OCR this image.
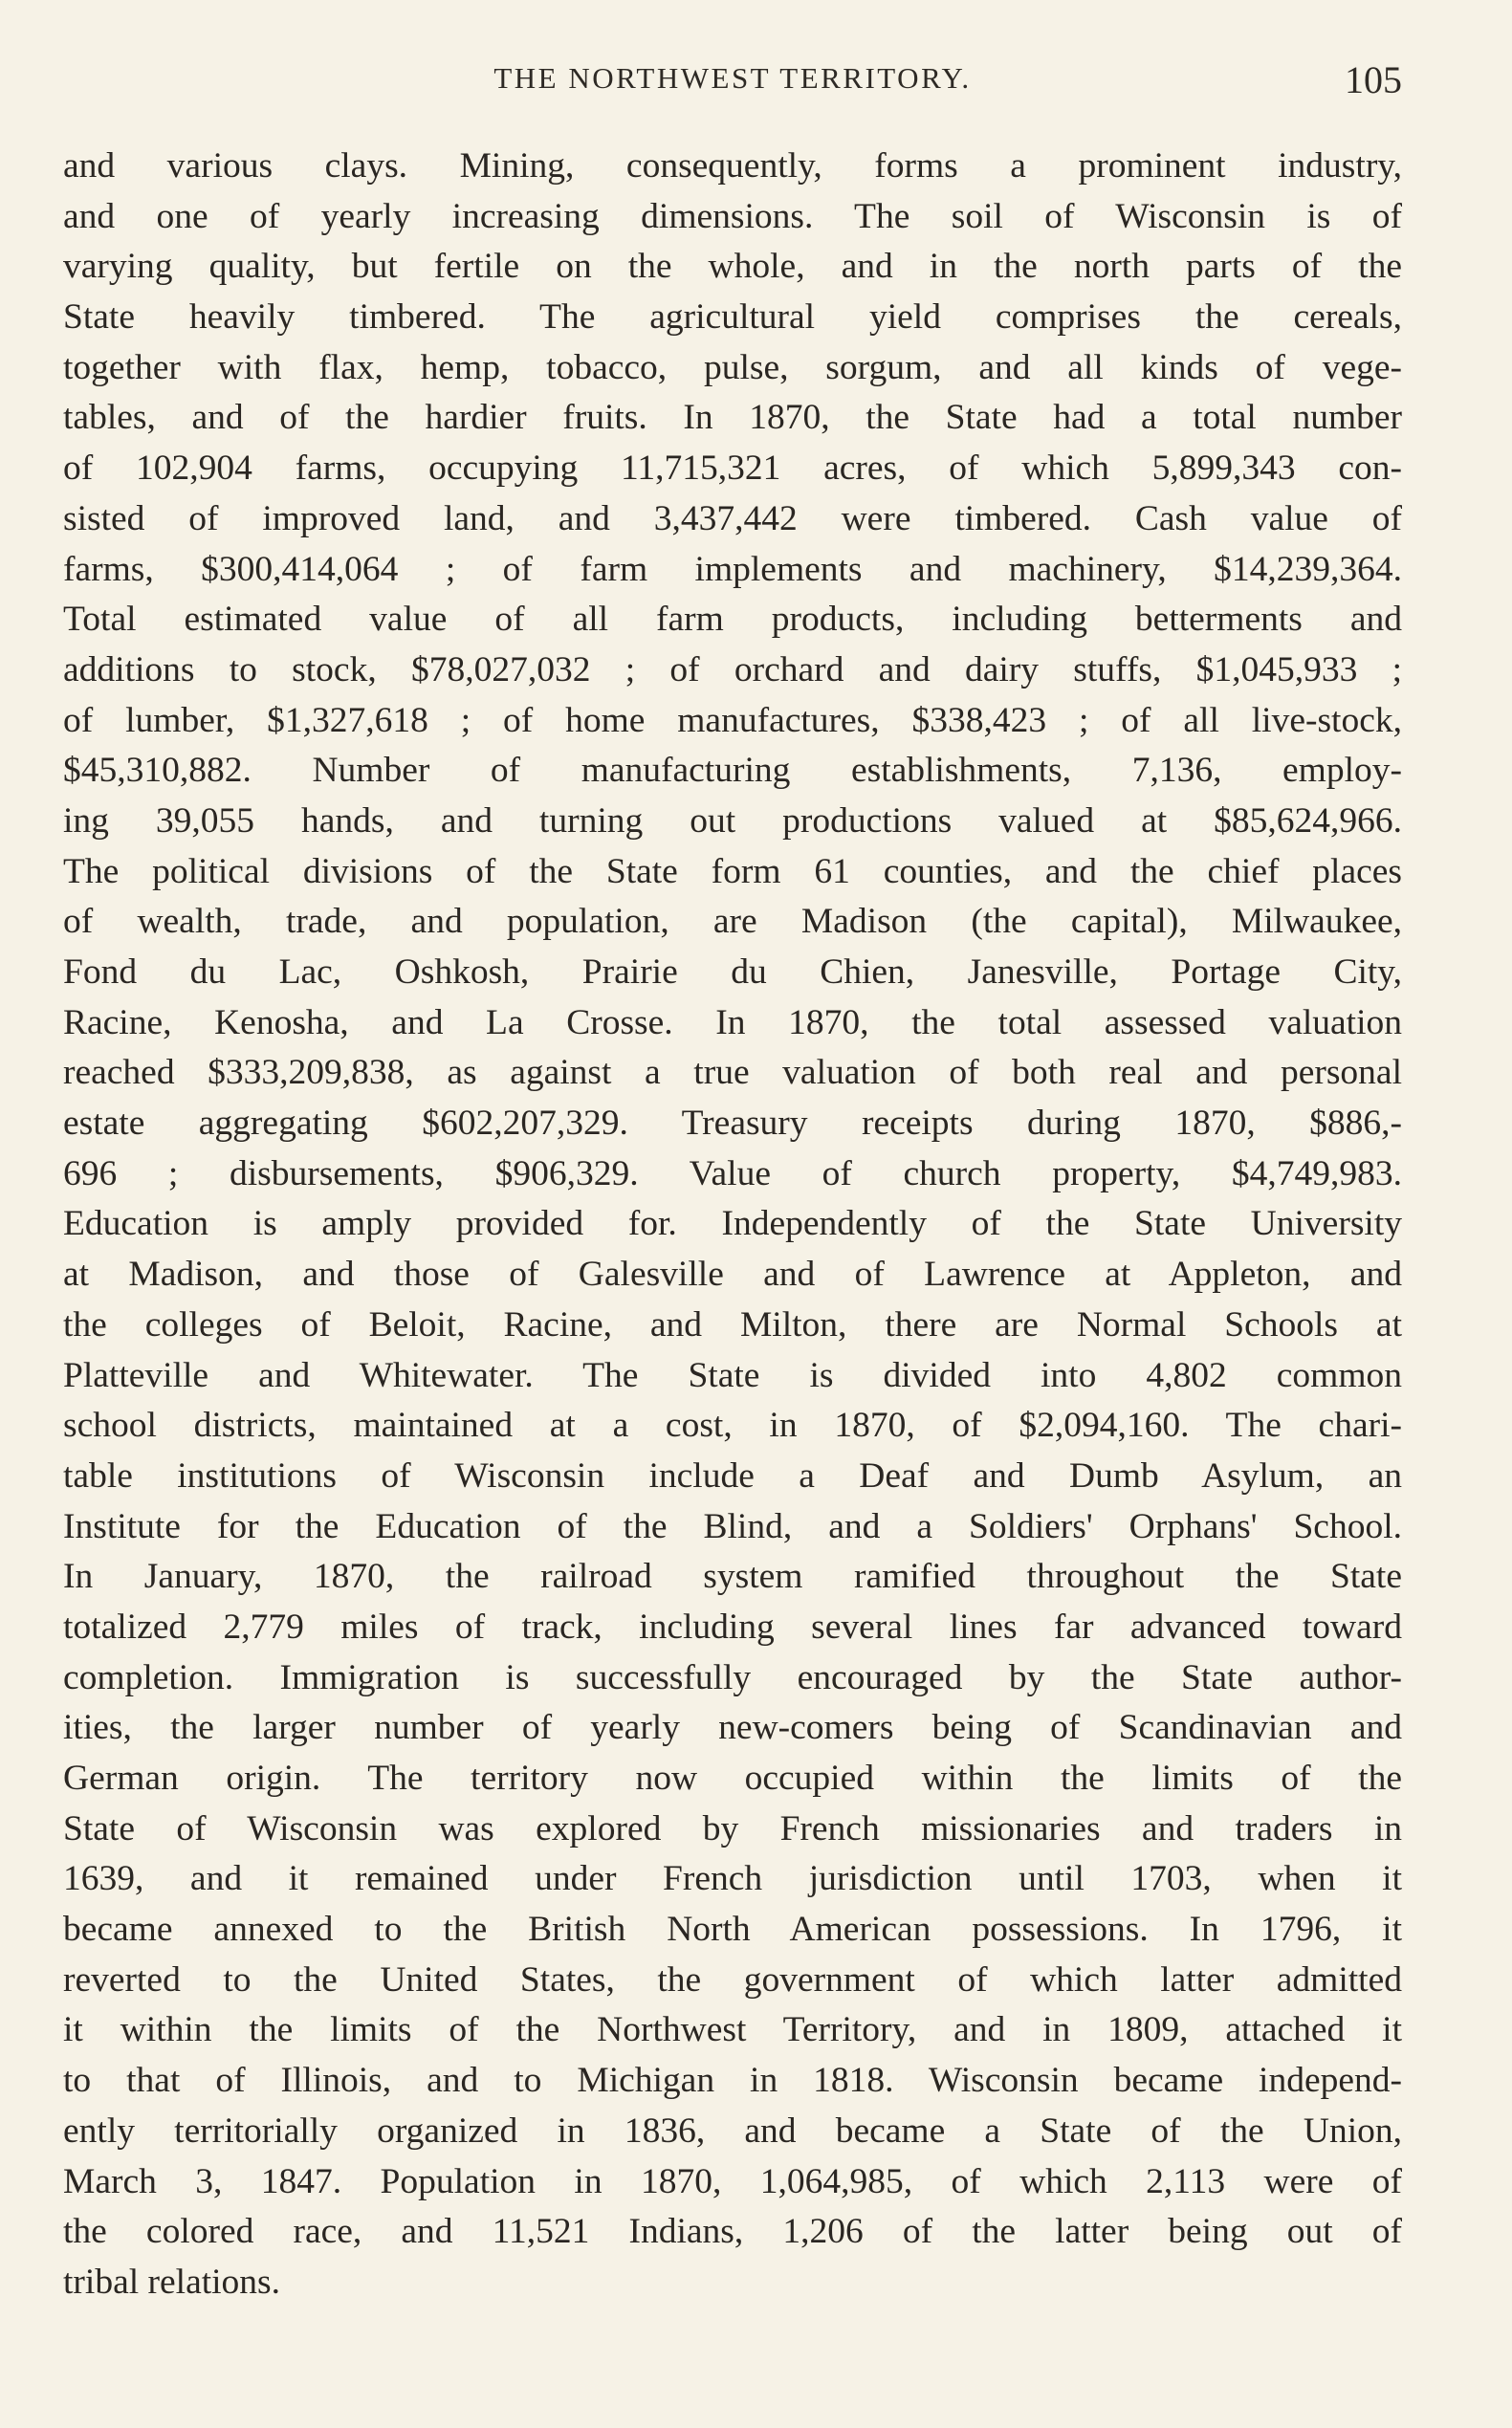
THE NORTHWEST TERRITORY.	105
and various clays. Mining, consequently, forms a prominent industry,
and one of yearly increasing dimensions. The soil of Wisconsin is of
varying quality, but fertile on the whole, and in the north parts of the
State heavily timbered. The agricultural yield comprises the cereals,
together with flax, hemp, tobacco, pulse, sorgum, and all kinds of vege-
tables, and of the hardier fruits. In 1870, the State had a total number
of 102,904 farms, occupying 11,715,321 acres, of which 5,899,343 con-
sisted of improved land, and 3,437,442 were timbered. Cash value of
farms, $300,414,064 ; of farm implements and machinery, $14,239,364.
Total estimated value of all farm products, including betterments and
additions to stock, $78,027,032 ; of orchard and dairy stuffs, $1,045,933 ;
of lumber, $1,327,618 ; of home manufactures, $338,423 ; of all live-stock,
$45,310,882. Number of manufacturing establishments, 7,136, employ-
ing 39,055 hands, and turning out productions valued at $85,624,966.
The political divisions of the State form 61 counties, and the chief places
of wealth, trade, and population, are Madison (the capital), Milwaukee,
Fond du Lac, Oshkosh, Prairie du Chien, Janesville, Portage City,
Racine, Kenosha, and La Crosse. In 1870, the total assessed valuation
reached $333,209,838, as against a true valuation of both real and personal
estate aggregating $602,207,329. Treasury receipts during 1870, $886,-
696 ; disbursements, $906,329. Value of church property, $4,749,983.
Education is amply provided for. Independently of the State University
at Madison, and those of Galesville and of Lawrence at Appleton, and
the colleges of Beloit, Racine, and Milton, there are Normal Schools at
Platteville and Whitewater. The State is divided into 4,802 common
school districts, maintained at a cost, in 1870, of $2,094,160. The chari-
table institutions of Wisconsin include a Deaf and Dumb Asylum, an
Institute for the Education of the Blind, and a Soldiers' Orphans' School.
In January, 1870, the railroad system ramified throughout the State
totalized 2,779 miles of track, including several lines far advanced toward
completion. Immigration is successfully encouraged by the State author-
ities, the larger number of yearly new-comers being of Scandinavian and
German origin. The territory now occupied within the limits of the
State of Wisconsin was explored by French missionaries and traders in
1639, and it remained under French jurisdiction until 1703, when it
became annexed to the British North American possessions. In 1796, it
reverted to the United States, the government of which latter admitted
it within the limits of the Northwest Territory, and in 1809, attached it
to that of Illinois, and to Michigan in 1818. Wisconsin became independ-
ently territorially organized in 1836, and became a State of the Union,
March 3, 1847. Population in 1870, 1,064,985, of which 2,113 were of
the colored race, and 11,521 Indians, 1,206 of the latter being out of
tribal relations.
